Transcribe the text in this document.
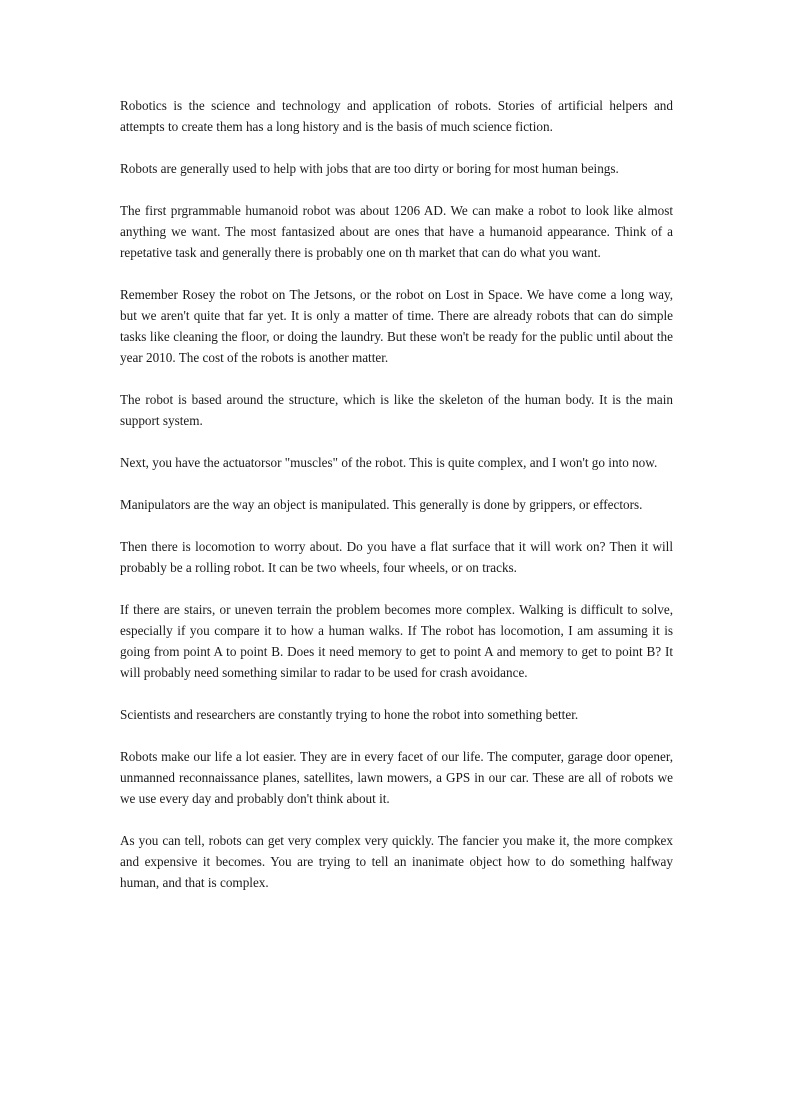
Robotics is the science and technology and application of robots. Stories of artificial helpers and attempts to create them has a long history and is the basis of much science fiction.

Robots are generally used to help with jobs that are too dirty or boring for most human beings.

The first prgrammable humanoid robot was about 1206 AD. We can make a robot to look like almost anything we want. The most fantasized about are ones that have a humanoid appearance. Think of a repetative task and generally there is probably one on th market that can do what you want.

Remember Rosey the robot on The Jetsons, or the robot on Lost in Space. We have come a long way, but we aren't quite that far yet. It is only a matter of time. There are already robots that can do simple tasks like cleaning the floor, or doing the laundry. But these won't be ready for the public until about the year 2010. The cost of the robots is another matter.

The robot is based around the structure, which is like the skeleton of the human body. It is the main support system.

Next, you have the actuatorsor "muscles" of the robot. This is quite complex, and I won't go into now.

Manipulators are the way an object is manipulated. This generally is done by grippers, or effectors.

Then there is locomotion to worry about. Do you have a flat surface that it will work on? Then it will probably be a rolling robot. It can be two wheels, four wheels, or on tracks.

If there are stairs, or uneven terrain the problem becomes more complex. Walking is difficult to solve, especially if you compare it to how a human walks. If The robot has locomotion, I am assuming it is going from point A to point B. Does it need memory to get to point A and memory to get to point B? It will probably need something similar to radar to be used for crash avoidance.

Scientists and researchers are constantly trying to hone the robot into something better.

Robots make our life a lot easier. They are in every facet of our life. The computer, garage door opener, unmanned reconnaissance planes, satellites, lawn mowers, a GPS in our car. These are all of robots we we use every day and probably don't think about it.

As you can tell, robots can get very complex very quickly. The fancier you make it, the more compkex and expensive it becomes. You are trying to tell an inanimate object how to do something halfway human, and that is complex.
